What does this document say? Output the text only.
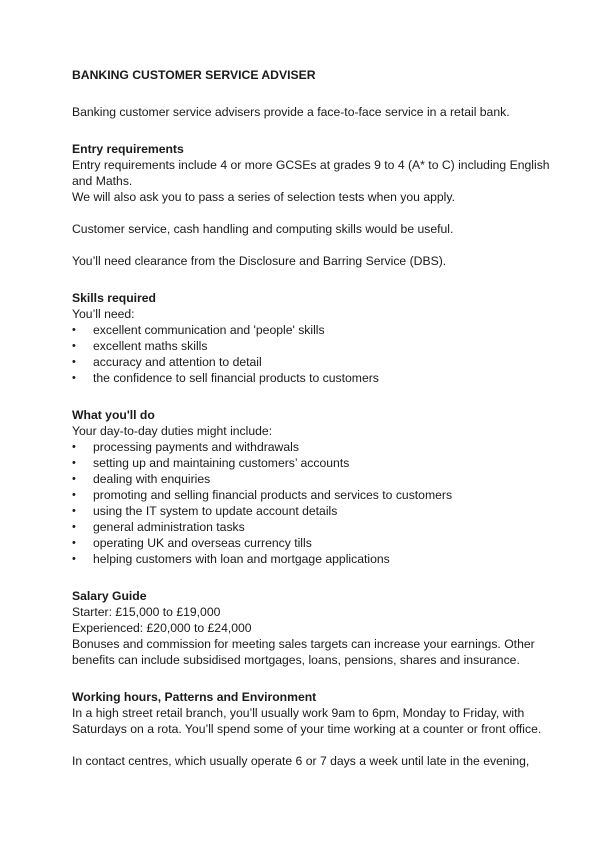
BANKING CUSTOMER SERVICE ADVISER

Banking customer service advisers provide a face-to-face service in a retail bank.

Entry requirements

Entry requirements include 4 or more GCSEs at grades 9 to 4 (A* to C) including English and Maths.

We will also ask you to pass a series of selection tests when you apply.

Customer service, cash handling and computing skills would be useful.

You’ll need clearance from the Disclosure and Barring Service (DBS).

Skills required

You’ll need:

• excellent communication and 'people' skills
• excellent maths skills
• accuracy and attention to detail
• the confidence to sell financial products to customers

What you'll do

Your day-to-day duties might include:

• processing payments and withdrawals
• setting up and maintaining customers’ accounts
• dealing with enquiries
• promoting and selling financial products and services to customers
• using the IT system to update account details
• general administration tasks
• operating UK and overseas currency tills
• helping customers with loan and mortgage applications

Salary Guide

Starter: £15,000 to £19,000

Experienced: £20,000 to £24,000

Bonuses and commission for meeting sales targets can increase your earnings. Other benefits can include subsidised mortgages, loans, pensions, shares and insurance.

Working hours, Patterns and Environment

In a high street retail branch, you’ll usually work 9am to 6pm, Monday to Friday, with Saturdays on a rota. You’ll spend some of your time working at a counter or front office.

In contact centres, which usually operate 6 or 7 days a week until late in the evening,
